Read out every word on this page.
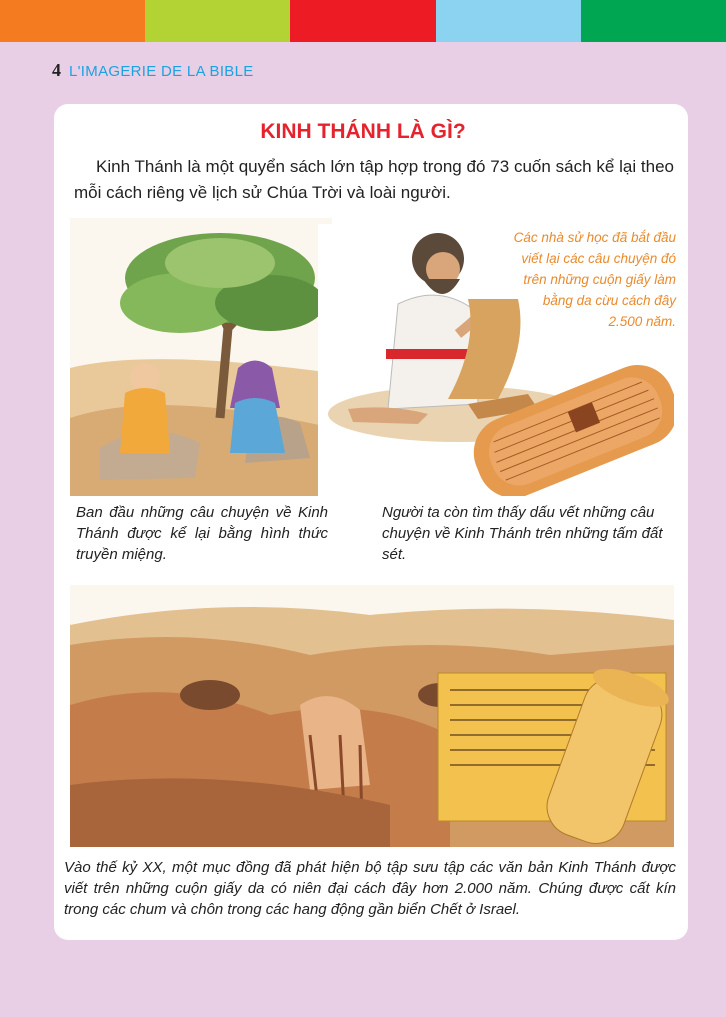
4 L'IMAGERIE DE LA BIBLE
KINH THÁNH LÀ GÌ?
Kinh Thánh là một quyển sách lớn tập hợp trong đó 73 cuốn sách kể lại theo mỗi cách riêng về lịch sử Chúa Trời và loài người.
Các nhà sử học đã bắt đầu viết lại các câu chuyện đó trên những cuộn giấy làm bằng da cừu cách đây 2.500 năm.
Ban đầu những câu chuyện về Kinh Thánh được kể lại bằng hình thức truyền miệng.
Người ta còn tìm thấy dấu vết những câu chuyện về Kinh Thánh trên những tấm đất sét.
Vào thế kỷ XX, một mục đồng đã phát hiện bộ tập sưu tập các văn bản Kinh Thánh được viết trên những cuộn giấy da có niên đại cách đây hơn 2.000 năm. Chúng được cất kín trong các chum và chôn trong các hang động gần biển Chết ở Israel.
